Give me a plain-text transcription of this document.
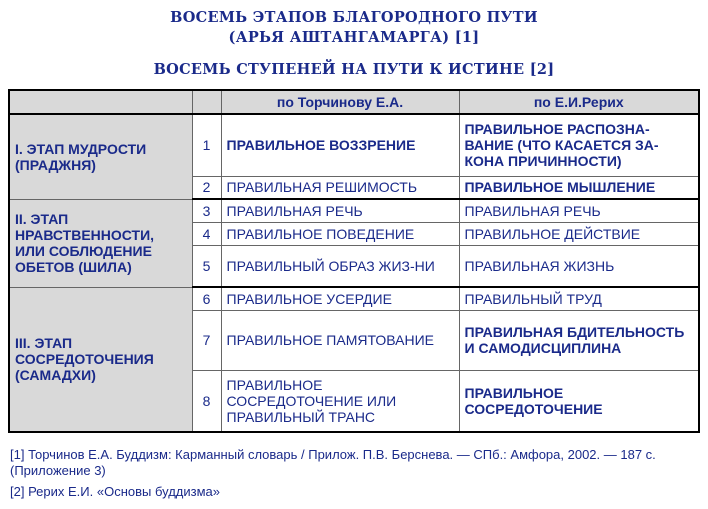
ВОСЕМЬ ЭТАПОВ БЛАГОРОДНОГО ПУТИ
(АРЬЯ АШТАНГАМАРГА) [1]
ВОСЕМЬ СТУПЕНЕЙ НА ПУТИ К ИСТИНЕ [2]
		по Торчинову Е.А.	по Е.И.Рерих
I. ЭТАП МУДРОСТИ (ПРАДЖНЯ)	1	ПРАВИЛЬНОЕ ВОЗЗРЕНИЕ	ПРАВИЛЬНОЕ РАСПОЗНА-ВАНИЕ (ЧТО КАСАЕТСЯ ЗА-КОНА ПРИЧИННОСТИ)
	2	ПРАВИЛЬНАЯ РЕШИМОСТЬ	ПРАВИЛЬНОЕ МЫШЛЕНИЕ
II. ЭТАП НРАВСТВЕННОСТИ, ИЛИ СОБЛЮДЕНИЕ ОБЕТОВ (ШИЛА)	3	ПРАВИЛЬНАЯ РЕЧЬ	ПРАВИЛЬНАЯ РЕЧЬ
	4	ПРАВИЛЬНОЕ ПОВЕДЕНИЕ	ПРАВИЛЬНОЕ ДЕЙСТВИЕ
	5	ПРАВИЛЬНЫЙ ОБРАЗ ЖИЗ-НИ	ПРАВИЛЬНАЯ ЖИЗНЬ
III. ЭТАП СОСРЕДОТОЧЕНИЯ (САМАДХИ)	6	ПРАВИЛЬНОЕ УСЕРДИЕ	ПРАВИЛЬНЫЙ ТРУД
	7	ПРАВИЛЬНОЕ ПАМЯТОВАНИЕ	ПРАВИЛЬНАЯ БДИТЕЛЬНОСТЬ И САМОДИСЦИПЛИНА
	8	ПРАВИЛЬНОЕ СОСРЕДОТОЧЕНИЕ ИЛИ ПРАВИЛЬНЫЙ ТРАНС	ПРАВИЛЬНОЕ СОСРЕДОТОЧЕНИЕ
[1] Торчинов Е.А. Буддизм: Карманный словарь / Прилож. П.В. Берснева. — СПб.: Амфора, 2002. — 187 с. (Приложение 3)
[2] Рерих Е.И. «Основы буддизма»
